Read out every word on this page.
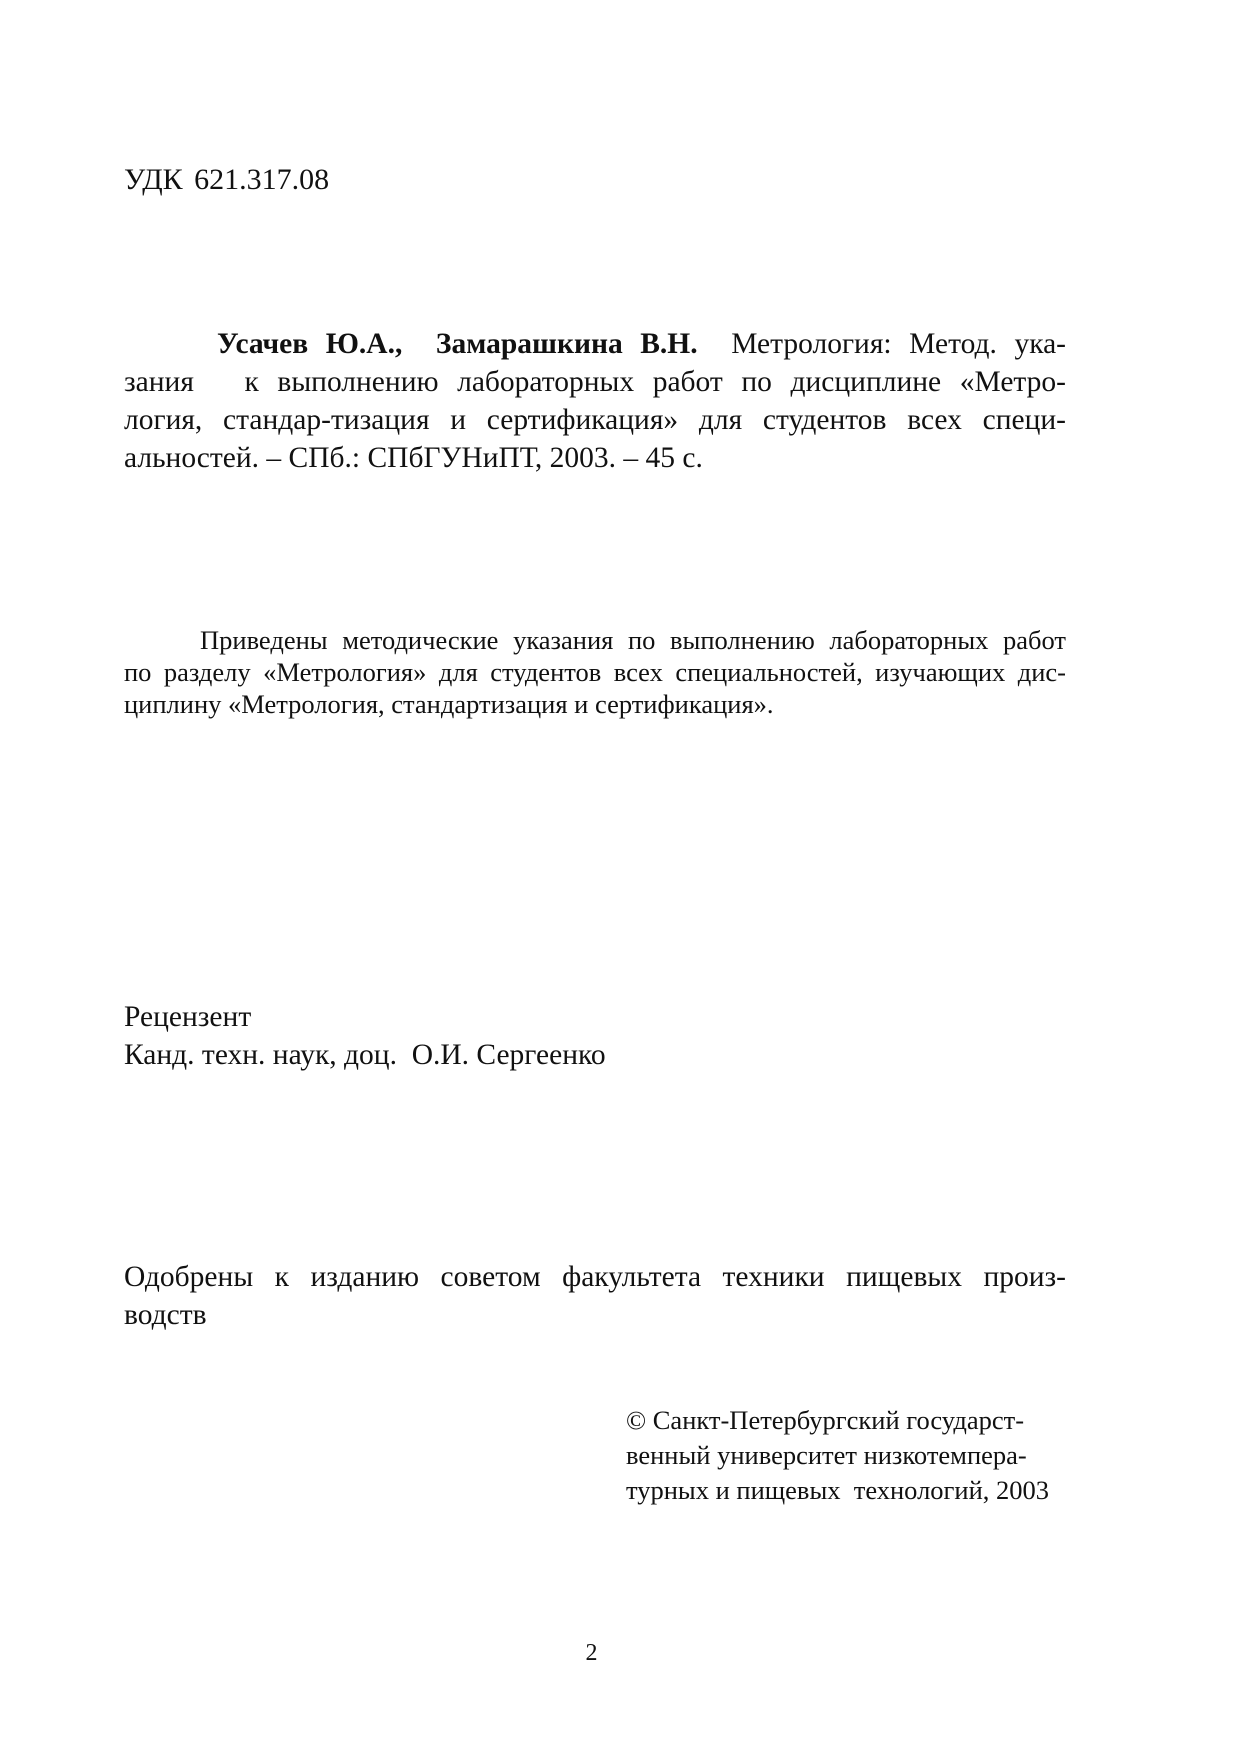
УДК 621.317.08
Усачев Ю.А., Замарашкина В.Н. Метрология: Метод. ука-
зания к выполнению лабораторных работ по дисциплине «Метро-
логия, стандар-тизация и сертификация» для студентов всех специ-
альностей. – СПб.: СПбГУНиПТ, 2003. – 45 с.
Приведены методические указания по выполнению лабораторных работ
по разделу «Метрология» для студентов всех специальностей, изучающих дис-
циплину «Метрология, стандартизация и сертификация».
Рецензент
Канд. техн. наук, доц.  О.И. Сергеенко
Одобрены к изданию советом факультета техники пищевых произ-
водств
© Санкт-Петербургский государст-
венный университет низкотемпера-
турных и пищевых  технологий, 2003
2
